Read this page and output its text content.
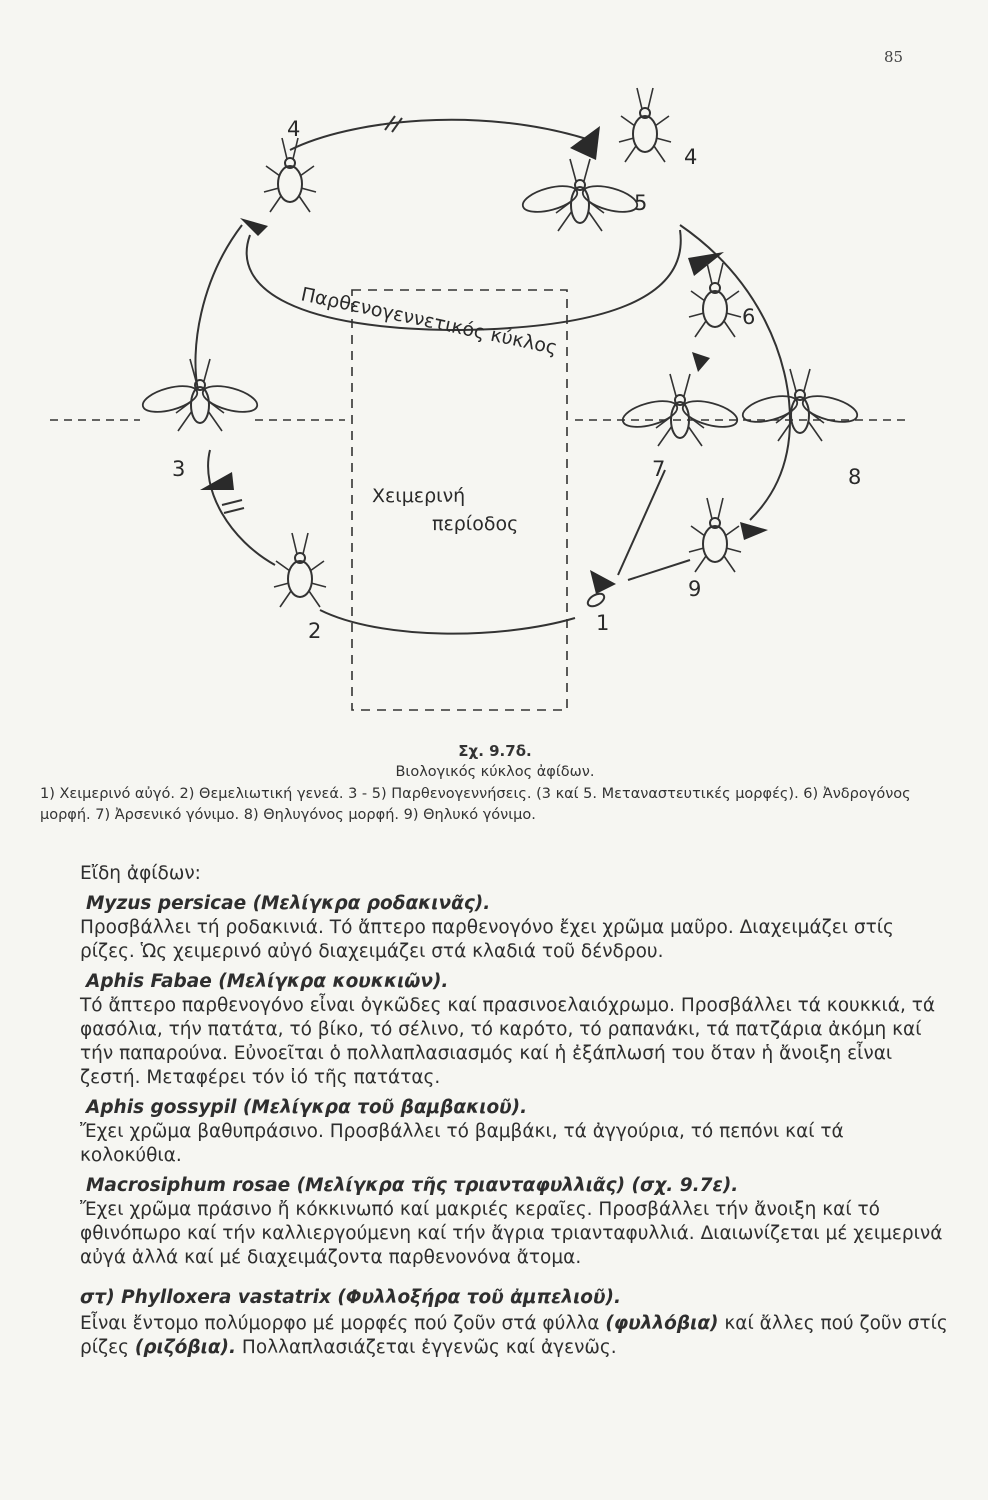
85
Παρθενογεννετικός κύκλος
Χειμερινή
περίοδος
1
2
3
4
4
5
6
7	8
9
Σχ. 9.7δ.
Βιολογικός κύκλος ἀφίδων.
1) Χειμερινό αὐγό. 2) Θεμελιωτική γενεά. 3 - 5) Παρθενογεννήσεις. (3 καί 5. Μεταναστευτικές μορφές). 6) Ἀνδρογόνος μορφή. 7) Ἀρσενικό γόνιμο. 8) Θηλυγόνος μορφή. 9) Θηλυκό γόνιμο.

Εἴδη ἀφίδων:

Myzus persicae (Μελίγκρα ροδακινᾶς).

Προσβάλλει τή ροδακινιά. Τό ἄπτερο παρθενογόνο ἔχει χρῶμα μαῦρο. Διαχειμάζει στίς ρίζες. Ὡς χειμερινό αὐγό διαχειμάζει στά κλαδιά τοῦ δένδρου.

Aphis Fabae (Μελίγκρα κουκκιῶν).

Τό ἄπτερο παρθενογόνο εἶναι ὀγκῶδες καί πρασινοελαιόχρωμο. Προσβάλλει τά κουκκιά, τά φασόλια, τήν πατάτα, τό βίκο, τό σέλινο, τό καρότο, τό ραπανάκι, τά πατζάρια ἀκόμη καί τήν παπαρούνα. Εὐνοεῖται ὁ πολλαπλασιασμός καί ἡ ἐξάπλωσή του ὅταν ἡ ἄνοιξη εἶναι ζεστή. Μεταφέρει τόν ἰό τῆς πατάτας.

Aphis gossypil (Μελίγκρα τοῦ βαμβακιοῦ).

Ἔχει χρῶμα βαθυπράσινο. Προσβάλλει τό βαμβάκι, τά ἀγγούρια, τό πεπόνι καί τά κολοκύθια.

Macrosiphum rosae (Μελίγκρα τῆς τριανταφυλλιᾶς) (σχ. 9.7ε).

Ἔχει χρῶμα πράσινο ἤ κόκκινωπό καί μακριές κεραῖες. Προσβάλλει τήν ἄνοιξη καί τό φθινόπωρο καί τήν καλλιεργούμενη καί τήν ἄγρια τριανταφυλλιά. Διαιωνίζεται μέ χειμερινά αὐγά ἀλλά καί μέ διαχειμάζοντα παρθενονόνα ἄτομα.

στ) Phylloxera vastatrix (Φυλλοξήρα τοῦ ἀμπελιοῦ).

Εἶναι ἔντομο πολύμορφο μέ μορφές πού ζοῦν στά φύλλα (φυλλόβια) καί ἄλλες πού ζοῦν στίς ρίζες (ριζόβια). Πολλαπλασιάζεται ἐγγενῶς καί ἀγενῶς.
